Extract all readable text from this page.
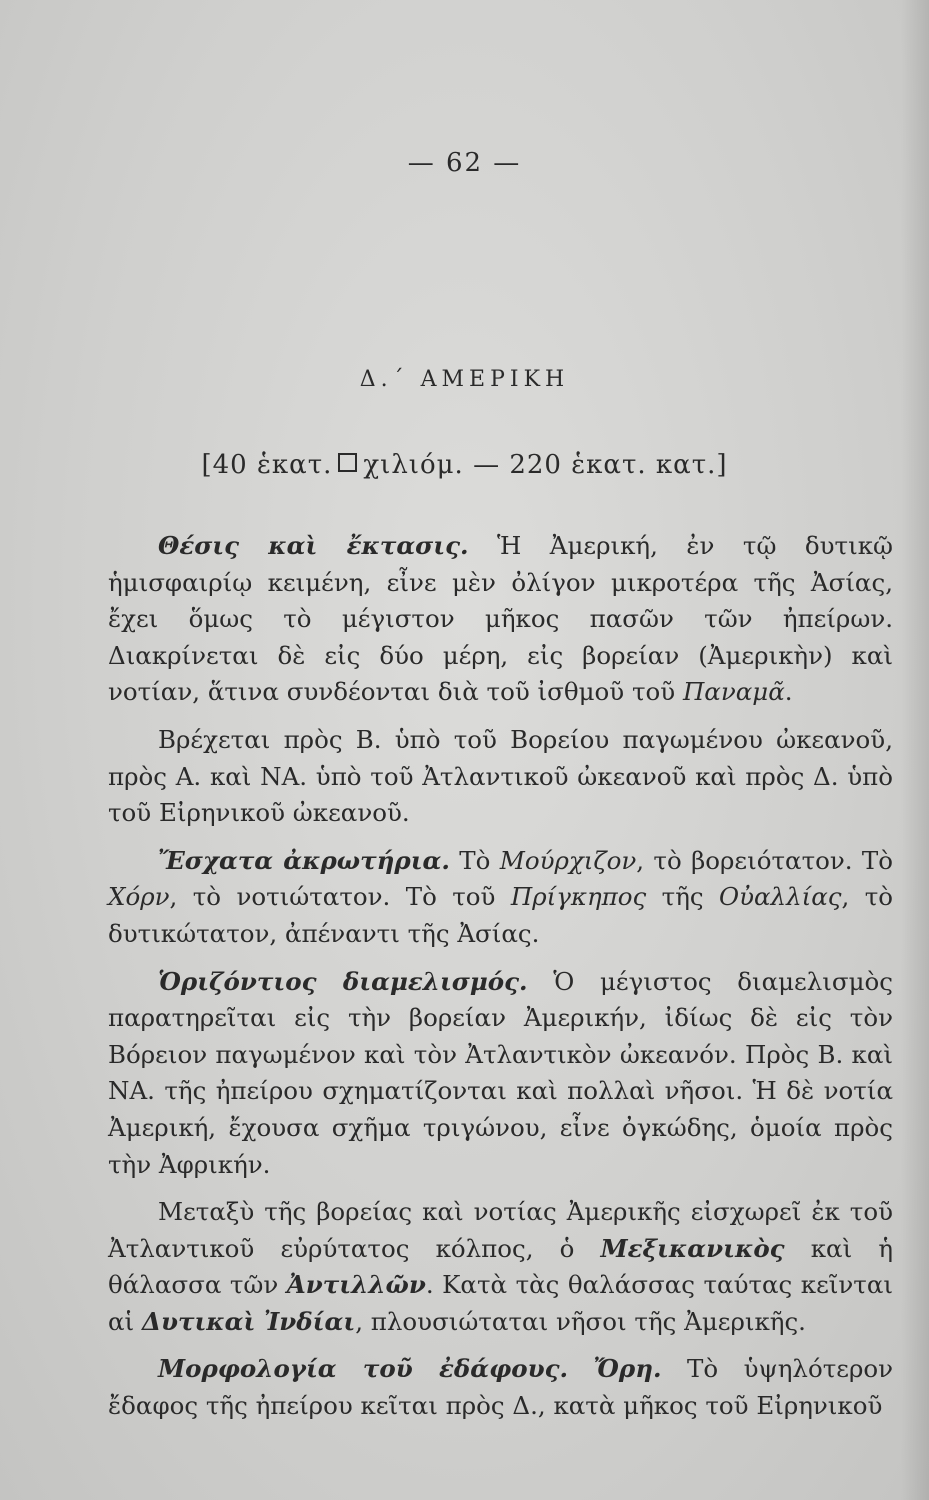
— 62 —
Δ.΄ ΑΜΕΡΙΚΗ
[40 ἑκατ. χιλιόμ. — 220 ἑκατ. κατ.]

Θέσις καὶ ἔκτασις. Ἡ Ἀμερική, ἐν τῷ δυτικῷ ἡμισφαιρίῳ κειμένη, εἶνε μὲν ὀλίγον μικροτέρα τῆς Ἀσίας, ἔχει ὅμως τὸ μέγιστον μῆκος πασῶν τῶν ἠπείρων. Διακρίνεται δὲ εἰς δύο μέρη, εἰς βορείαν (Ἀμερικὴν) καὶ νοτίαν, ἅτινα συνδέονται διὰ τοῦ ἰσθμοῦ τοῦ Παναμᾶ.

Βρέχεται πρὸς Β. ὑπὸ τοῦ Βορείου παγωμένου ὠκεανοῦ, πρὸς Α. καὶ ΝΑ. ὑπὸ τοῦ Ἀτλαντικοῦ ὠκεανοῦ καὶ πρὸς Δ. ὑπὸ τοῦ Εἰρηνικοῦ ὠκεανοῦ.

Ἔσχατα ἀκρωτήρια. Τὸ Μούρχιζον, τὸ βορειότατον. Τὸ Χόρν, τὸ νοτιώτατον. Τὸ τοῦ Πρίγκηπος τῆς Οὐαλλίας, τὸ δυτικώτατον, ἀπέναντι τῆς Ἀσίας.

Ὁριζόντιος διαμελισμός. Ὁ μέγιστος διαμελισμὸς παρατηρεῖται εἰς τὴν βορείαν Ἀμερικήν, ἰδίως δὲ εἰς τὸν Βόρειον παγωμένον καὶ τὸν Ἀτλαντικὸν ὠκεανόν. Πρὸς Β. καὶ ΝΑ. τῆς ἠπείρου σχηματίζονται καὶ πολλαὶ νῆσοι. Ἡ δὲ νοτία Ἀμερική, ἔχουσα σχῆμα τριγώνου, εἶνε ὀγκώδης, ὁμοία πρὸς τὴν Ἀφρικήν.

Μεταξὺ τῆς βορείας καὶ νοτίας Ἀμερικῆς εἰσχωρεῖ ἐκ τοῦ Ἀτλαντικοῦ εὐρύτατος κόλπος, ὁ Μεξικανικὸς καὶ ἡ θάλασσα τῶν Ἀντιλλῶν. Κατὰ τὰς θαλάσσας ταύτας κεῖνται αἱ Δυτικαὶ Ἰνδίαι, πλουσιώταται νῆσοι τῆς Ἀμερικῆς.

Μορφολογία τοῦ ἐδάφους. Ὄρη. Τὸ ὑψηλότερον ἔδαφος τῆς ἠπείρου κεῖται πρὸς Δ., κατὰ μῆκος τοῦ Εἰρηνικοῦ
